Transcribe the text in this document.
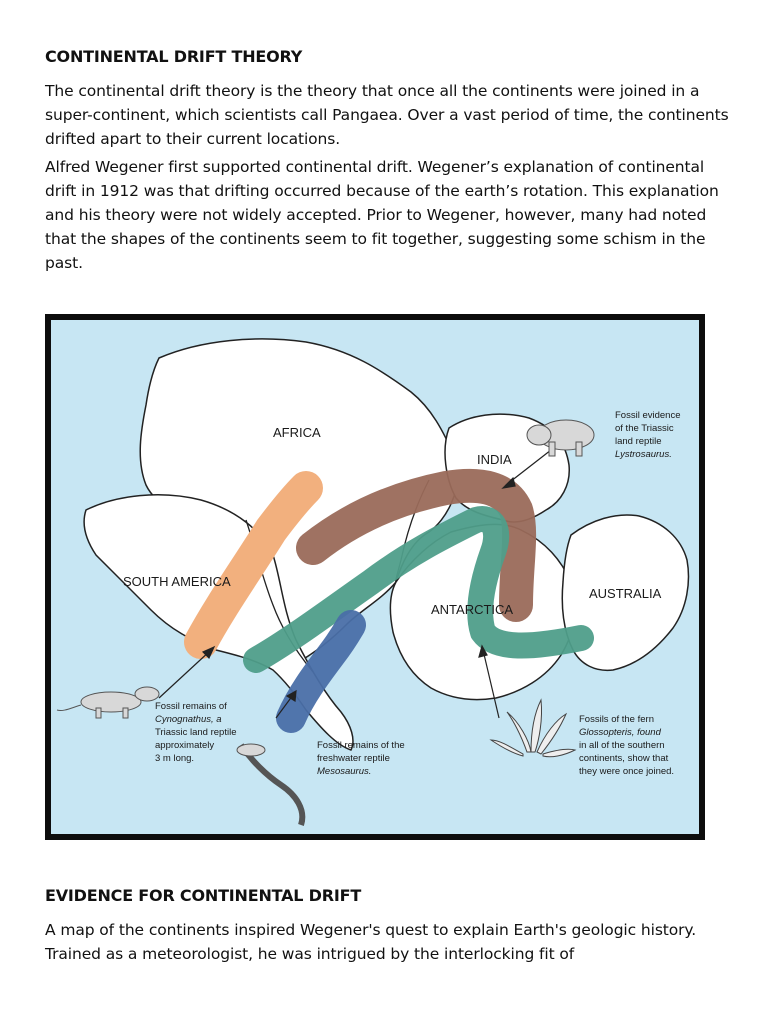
CONTINENTAL DRIFT THEORY

The continental drift theory is the theory that once all the continents were joined in a super-continent, which scientists call Pangaea. Over a vast period of time, the continents drifted apart to their current locations.

Alfred Wegener first supported continental drift. Wegener’s explanation of continental drift in 1912 was that drifting occurred because of the earth’s rotation. This explanation and his theory were not widely accepted. Prior to Wegener, however, many had noted that the shapes of the continents seem to fit together, suggesting some schism in the past.

AFRICA
SOUTH AMERICA
INDIA
ANTARCTICA
AUSTRALIA
Fossil evidence
of the Triassic
land reptile
Lystrosaurus.
Fossil remains of
Cynognathus, a
Triassic land reptile
approximately
3 m long.
Fossil remains of the
freshwater reptile
Mesosaurus.
Fossils of the fern
Glossopteris, found
in all of the southern
continents, show that
they were once joined.
EVIDENCE FOR CONTINENTAL DRIFT

A map of the continents inspired Wegener's quest to explain Earth's geologic history. Trained as a meteorologist, he was intrigued by the interlocking fit of
